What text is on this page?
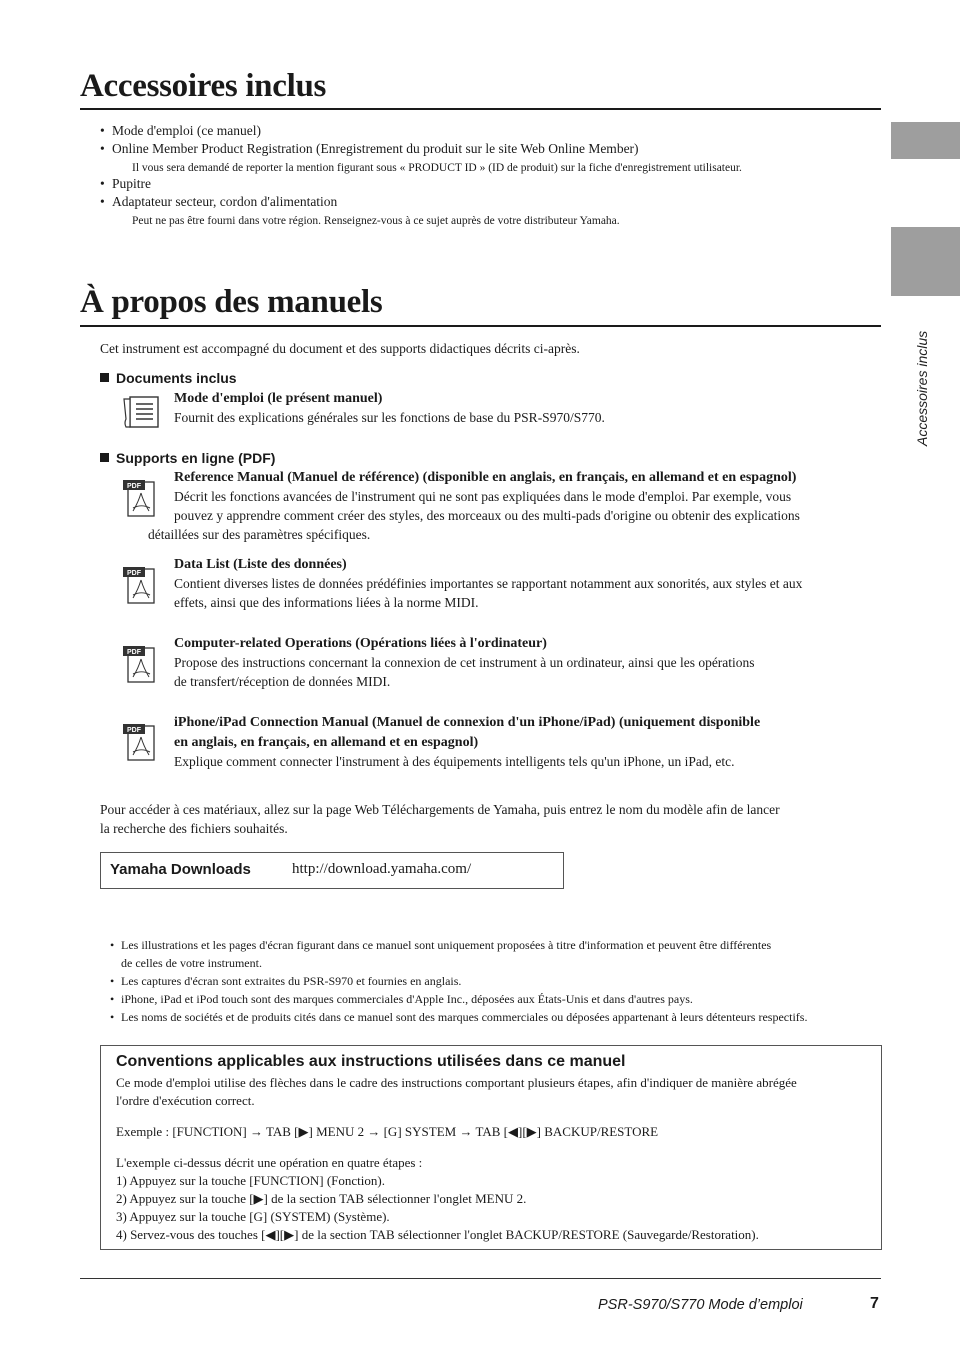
Accessoires inclus
Accessoires inclus
• Mode d'emploi (ce manuel)
• Online Member Product Registration (Enregistrement du produit sur le site Web Online Member)
Il vous sera demandé de reporter la mention figurant sous « PRODUCT ID » (ID de produit) sur la fiche d'enregistrement utilisateur.
• Pupitre
• Adaptateur secteur, cordon d'alimentation
Peut ne pas être fourni dans votre région. Renseignez-vous à ce sujet auprès de votre distributeur Yamaha.
À propos des manuels
Cet instrument est accompagné du document et des supports didactiques décrits ci-après.
Documents inclus
Mode d'emploi (le présent manuel)
Fournit des explications générales sur les fonctions de base du PSR-S970/S770.
Supports en ligne (PDF)
PDF
Reference Manual (Manuel de référence) (disponible en anglais, en français, en allemand et en espagnol)
Décrit les fonctions avancées de l'instrument qui ne sont pas expliquées dans le mode d'emploi. Par exemple, vous
pouvez y apprendre comment créer des styles, des morceaux ou des multi-pads d'origine ou obtenir des explications
détaillées sur des paramètres spécifiques.
PDF
Data List (Liste des données)
Contient diverses listes de données prédéfinies importantes se rapportant notamment aux sonorités, aux styles et aux
effets, ainsi que des informations liées à la norme MIDI.
PDF
Computer-related Operations (Opérations liées à l'ordinateur)
Propose des instructions concernant la connexion de cet instrument à un ordinateur, ainsi que les opérations
de transfert/réception de données MIDI.
PDF
iPhone/iPad Connection Manual (Manuel de connexion d'un iPhone/iPad) (uniquement disponible
en anglais, en français, en allemand et en espagnol)
Explique comment connecter l'instrument à des équipements intelligents tels qu'un iPhone, un iPad, etc.
Pour accéder à ces matériaux, allez sur la page Web Téléchargements de Yamaha, puis entrez le nom du modèle afin de lancer
la recherche des fichiers souhaités.
Yamaha Downloads	http://download.yamaha.com/
• Les illustrations et les pages d'écran figurant dans ce manuel sont uniquement proposées à titre d'information et peuvent être différentes
de celles de votre instrument.
• Les captures d'écran sont extraites du PSR-S970 et fournies en anglais.
• iPhone, iPad et iPod touch sont des marques commerciales d'Apple Inc., déposées aux États-Unis et dans d'autres pays.
• Les noms de sociétés et de produits cités dans ce manuel sont des marques commerciales ou déposées appartenant à leurs détenteurs respectifs.
Conventions applicables aux instructions utilisées dans ce manuel
Ce mode d'emploi utilise des flèches dans le cadre des instructions comportant plusieurs étapes, afin d'indiquer de manière abrégée
l'ordre d'exécution correct.
Exemple : [FUNCTION] → TAB [▶] MENU 2 → [G] SYSTEM → TAB [◀][▶] BACKUP/RESTORE
L'exemple ci-dessus décrit une opération en quatre étapes :
1) Appuyez sur la touche [FUNCTION] (Fonction).
2) Appuyez sur la touche [▶] de la section TAB sélectionner l'onglet MENU 2.
3) Appuyez sur la touche [G] (SYSTEM) (Système).
4) Servez-vous des touches [◀][▶] de la section TAB sélectionner l'onglet BACKUP/RESTORE (Sauvegarde/Restoration).
PSR-S970/S770 Mode d’emploi	7
